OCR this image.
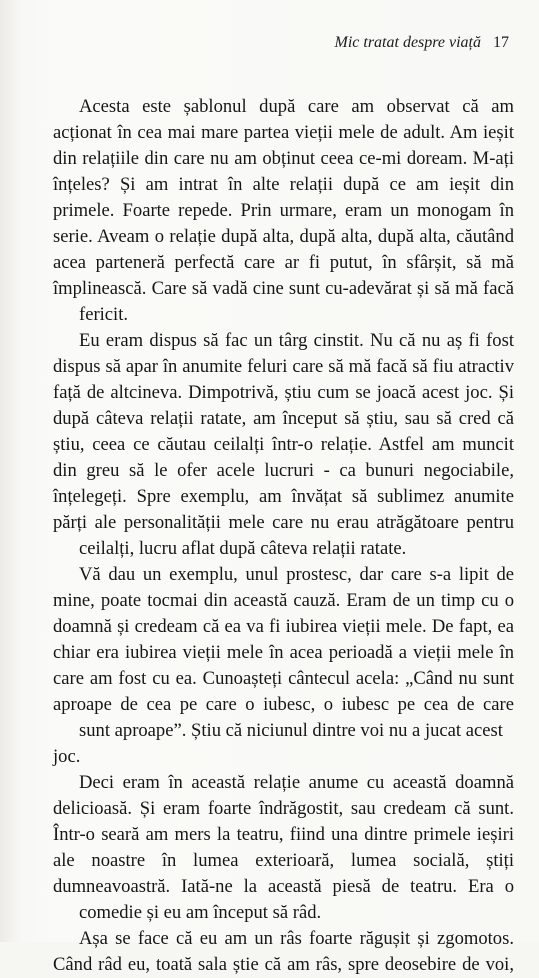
Mic tratat despre viață 17

Acesta este șablonul după care am observat că am acționat în cea mai mare partea vieții mele de adult. Am ieșit din relațiile din care nu am obținut ceea ce-mi doream. M-ați înțeles? Și am intrat în alte relații după ce am ieșit din primele. Foarte repede. Prin urmare, eram un monogam în serie. Aveam o relație după alta, după alta, după alta, căutând acea parteneră perfectă care ar fi putut, în sfârșit, să mă împlinească. Care să vadă cine sunt cu-adevărat și să mă facă
fericit.

Eu eram dispus să fac un târg cinstit. Nu că nu aș fi fost dispus să apar în anumite feluri care să mă facă să fiu atractiv față de altcineva. Dimpotrivă, știu cum se joacă acest joc. Și după câteva relații ratate, am început să știu, sau să cred că știu, ceea ce căutau ceilalți într-o relație. Astfel am muncit din greu să le ofer acele lucruri - ca bunuri negociabile, înțelegeți. Spre exemplu, am învățat să sublimez anumite părți ale personalității mele care nu erau atrăgătoare pentru
ceilalți, lucru aflat după câteva relații ratate.

Vă dau un exemplu, unul prostesc, dar care s-a lipit de mine, poate tocmai din această cauză. Eram de un timp cu o doamnă și credeam că ea va fi iubirea vieții mele. De fapt, ea chiar era iubirea vieții mele în acea perioadă a vieții mele în care am fost cu ea. Cunoașteți cântecul acela: „Când nu sunt aproape de cea pe care o iubesc, o iubesc pe cea de care
sunt aproape”. Știu că niciunul dintre voi nu a jucat acest joc.

Deci eram în această relație anume cu această doamnă delicioasă. Și eram foarte îndrăgostit, sau credeam că sunt. Într-o seară am mers la teatru, fiind una dintre primele ieșiri ale noastre în lumea exterioară, lumea socială, știți dumneavoastră. Iată-ne la această piesă de teatru. Era o
comedie și eu am început să râd.

Așa se face că eu am un râs foarte răgușit și zgomotos. Când râd eu, toată sala știe că am râs, spre deosebire de voi,
